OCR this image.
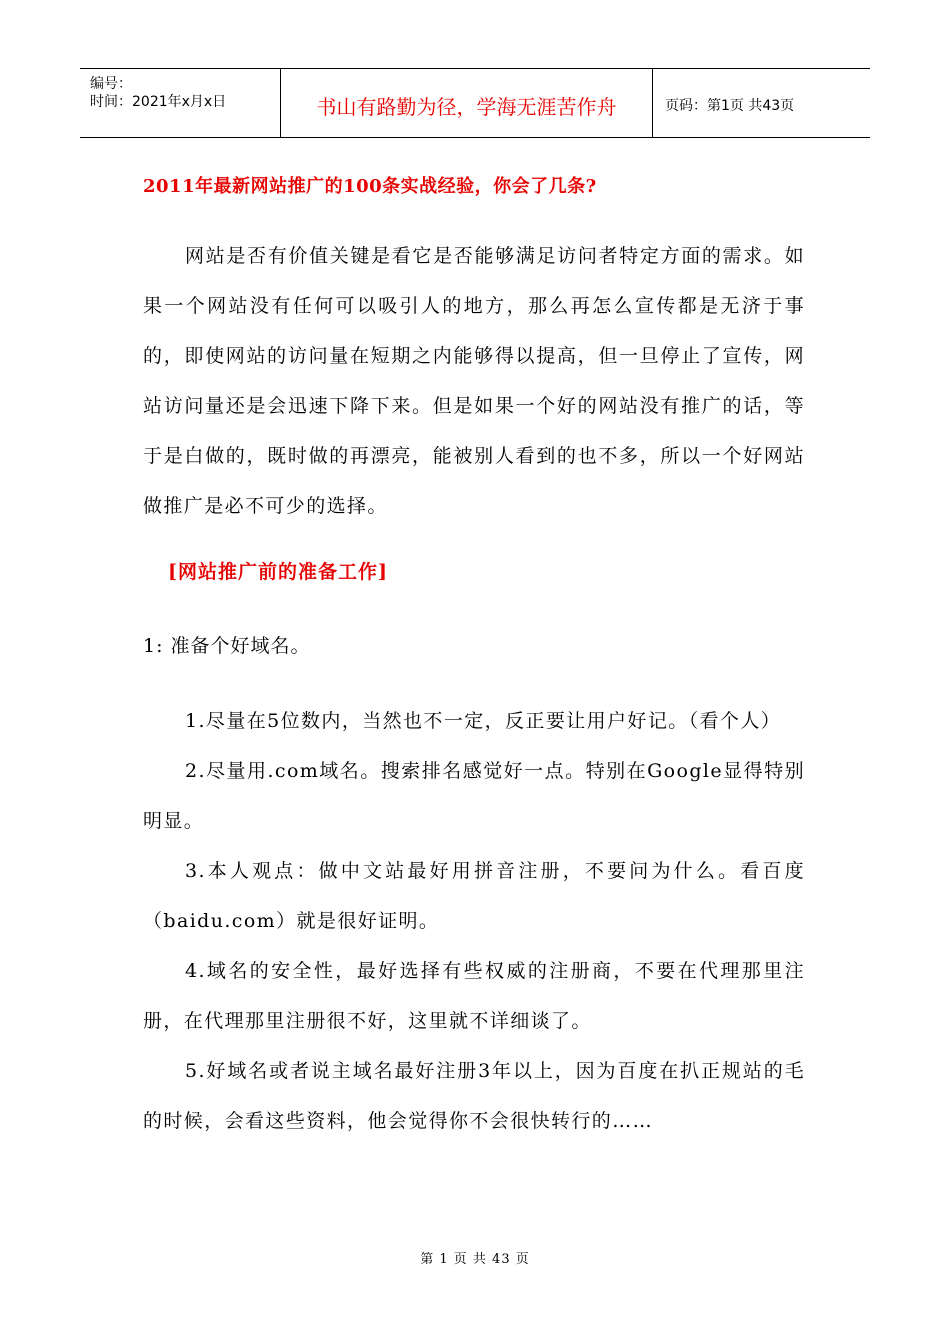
编号：
时间：2021年x月x日	书山有路勤为径，学海无涯苦作舟	页码：第1页 共43页
2011年最新网站推广的100条实战经验，你会了几条?
网站是否有价值关键是看它是否能够满足访问者特定方面的需求。如果一个网站没有任何可以吸引人的地方，那么再怎么宣传都是无济于事的，即使网站的访问量在短期之内能够得以提高，但一旦停止了宣传，网站访问量还是会迅速下降下来。但是如果一个好的网站没有推广的话，等于是白做的，既时做的再漂亮，能被别人看到的也不多，所以一个好网站做推广是必不可少的选择。
[网站推广前的准备工作]
1: 准备个好域名。

1.尽量在5位数内，当然也不一定，反正要让用户好记。（看个人）

2.尽量用.com域名。搜索排名感觉好一点。特别在Google显得特别明显。

3.本人观点：做中文站最好用拼音注册，不要问为什么。看百度（baidu.com）就是很好证明。

4.域名的安全性，最好选择有些权威的注册商，不要在代理那里注册，在代理那里注册很不好，这里就不详细谈了。

5.好域名或者说主域名最好注册3年以上，因为百度在扒正规站的毛的时候，会看这些资料，他会觉得你不会很快转行的……

第 1 页 共 43 页
